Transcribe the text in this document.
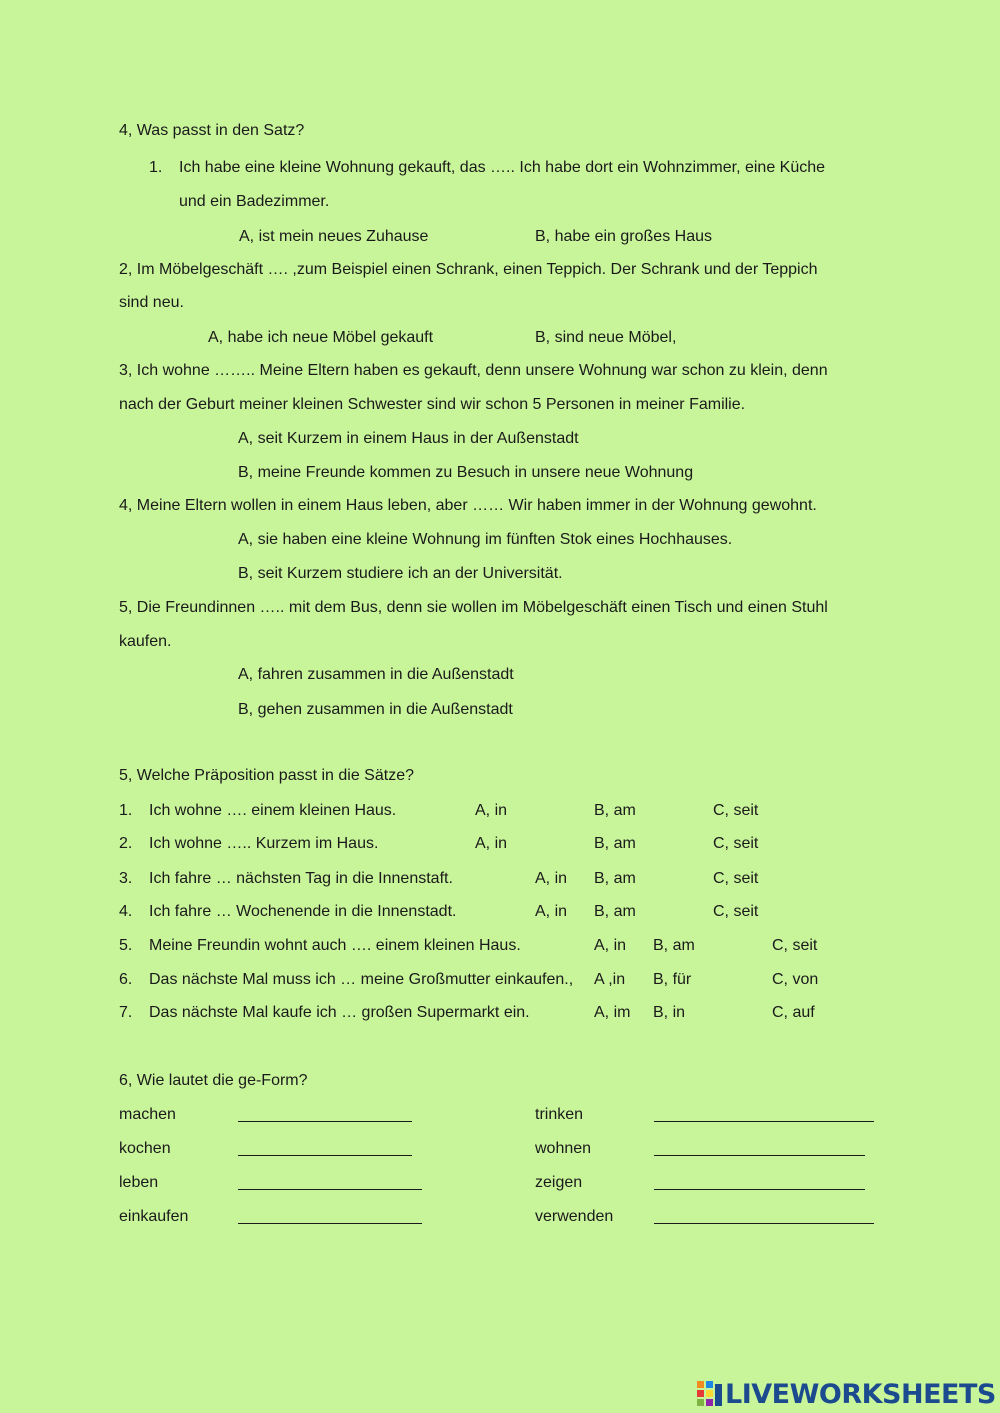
4, Was passt in den Satz?
1. Ich habe eine kleine Wohnung gekauft, das ….. Ich habe dort ein Wohnzimmer, eine Küche
und ein Badezimmer.
A, ist mein neues Zuhause	B, habe ein großes Haus
2, Im Möbelgeschäft …. ,zum Beispiel einen Schrank, einen Teppich. Der Schrank und der Teppich
sind neu.
A, habe ich neue Möbel gekauft	B, sind neue Möbel,
3, Ich wohne …….. Meine Eltern haben es gekauft, denn unsere Wohnung war schon zu klein, denn
nach der Geburt meiner kleinen Schwester sind wir schon 5 Personen in meiner Familie.
A, seit Kurzem in einem Haus in der Außenstadt
B, meine Freunde kommen zu Besuch in unsere neue Wohnung
4, Meine Eltern wollen in einem Haus leben, aber …… Wir haben immer in der Wohnung gewohnt.
A, sie haben eine kleine Wohnung im fünften Stok eines Hochhauses.
B, seit Kurzem studiere ich an der Universität.
5, Die Freundinnen ….. mit dem Bus, denn sie wollen im Möbelgeschäft einen Tisch und einen Stuhl
kaufen.
A, fahren zusammen in die Außenstadt
B, gehen zusammen in die Außenstadt
5, Welche Präposition passt in die Sätze?
1. Ich wohne …. einem kleinen Haus.	A, in	B, am	C, seit
2. Ich wohne ….. Kurzem im Haus.	A, in	B, am	C, seit
3. Ich fahre … nächsten Tag in die Innenstaft.	A, in B, am	C, seit
4. Ich fahre … Wochenende in die Innenstadt.	A, in B, am	C, seit
5. Meine Freundin wohnt auch …. einem kleinen Haus.	A, in B, am	C, seit
6. Das nächste Mal muss ich … meine Großmutter einkaufen., A ,in B, für	C, von
7. Das nächste Mal kaufe ich … großen Supermarkt ein.	A, im B, in	C, auf
6, Wie lautet die ge-Form?
machen	trinken
kochen	wohnen
leben	zeigen
einkaufen	verwenden
LIVEWORKSHEETS
